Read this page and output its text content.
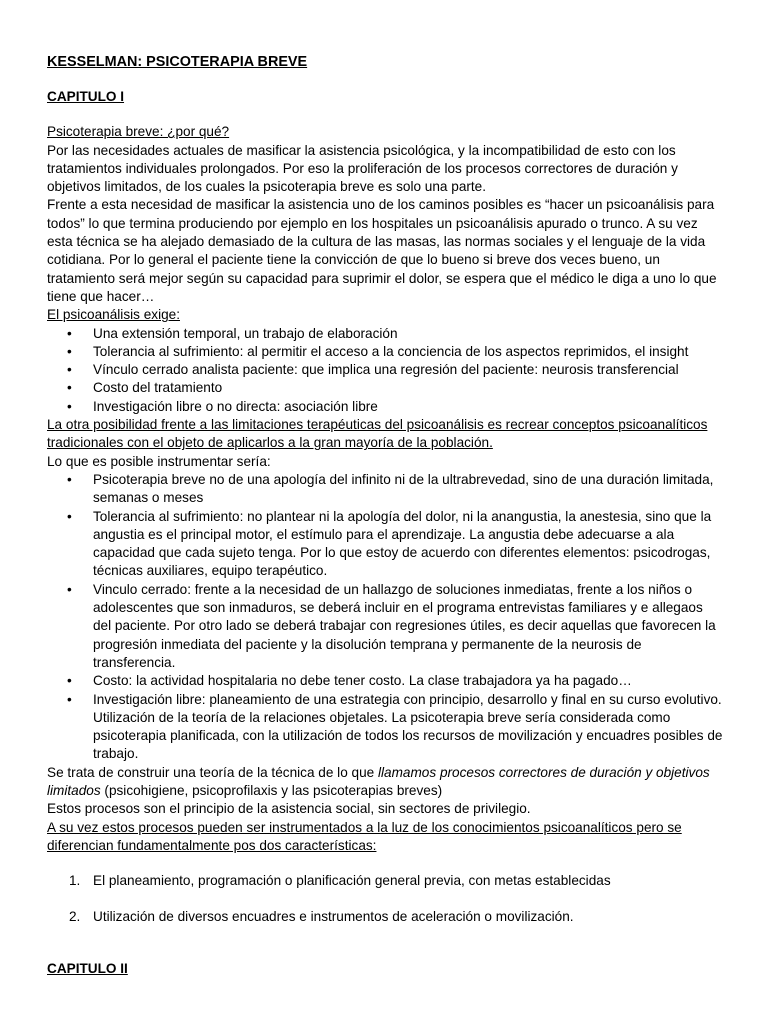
KESSELMAN: PSICOTERAPIA BREVE
CAPITULO I

Psicoterapia breve: ¿por qué?

Por las necesidades actuales de masificar la asistencia psicológica, y la incompatibilidad de esto con los tratamientos individuales prolongados. Por eso la proliferación de los procesos correctores de duración y objetivos limitados, de los cuales la psicoterapia breve es solo una parte.

Frente a esta necesidad de masificar la asistencia uno de los caminos posibles es “hacer un psicoanálisis para todos” lo que termina produciendo por ejemplo en los hospitales un psicoanálisis apurado o trunco. A su vez esta técnica se ha alejado demasiado de la cultura de las masas, las normas sociales y el lenguaje de la vida cotidiana. Por lo general el paciente tiene la convicción de que lo bueno si breve dos veces bueno, un tratamiento será mejor según su capacidad para suprimir el dolor, se espera que el médico le diga a uno lo que tiene que hacer…

El psicoanálisis exige:

• Una extensión temporal, un trabajo de elaboración
• Tolerancia al sufrimiento: al permitir el acceso a la conciencia de los aspectos reprimidos, el insight
• Vínculo cerrado analista paciente: que implica una regresión del paciente: neurosis transferencial
• Costo del tratamiento
• Investigación libre o no directa: asociación libre

La otra posibilidad frente a las limitaciones terapéuticas del psicoanálisis es recrear conceptos psicoanalíticos tradicionales con el objeto de aplicarlos a la gran mayoría de la población.

Lo que es posible instrumentar sería:

• Psicoterapia breve no de una apología del infinito ni de la ultrabrevedad, sino de una duración limitada, semanas o meses
• Tolerancia al sufrimiento: no plantear ni la apología del dolor, ni la anangustia, la anestesia, sino que la angustia es el principal motor, el estímulo para el aprendizaje. La angustia debe adecuarse a ala capacidad que cada sujeto tenga. Por lo que estoy de acuerdo con diferentes elementos: psicodrogas, técnicas auxiliares, equipo terapéutico.
• Vinculo cerrado: frente a la necesidad de un hallazgo de soluciones inmediatas, frente a los niños o adolescentes que son inmaduros, se deberá incluir en el programa entrevistas familiares y e allegaos del paciente. Por otro lado se deberá trabajar con regresiones útiles, es decir aquellas que favorecen la progresión inmediata del paciente y la disolución temprana y permanente de la neurosis de transferencia.
• Costo: la actividad hospitalaria no debe tener costo. La clase trabajadora ya ha pagado…
• Investigación libre: planeamiento de una estrategia con principio, desarrollo y final en su curso evolutivo. Utilización de la teoría de la relaciones objetales. La psicoterapia breve sería considerada como psicoterapia planificada, con la utilización de todos los recursos de movilización y encuadres posibles de trabajo.

Se trata de construir una teoría de la técnica de lo que llamamos procesos correctores de duración y objetivos limitados (psicohigiene, psicoprofilaxis y las psicoterapias breves)

Estos procesos son el principio de la asistencia social, sin sectores de privilegio.

A su vez estos procesos pueden ser instrumentados a la luz de los conocimientos psicoanalíticos pero se diferencian fundamentalmente pos dos características:

1. El planeamiento, programación o planificación general previa, con metas establecidas
2. Utilización de diversos encuadres e instrumentos de aceleración o movilización.
CAPITULO II
